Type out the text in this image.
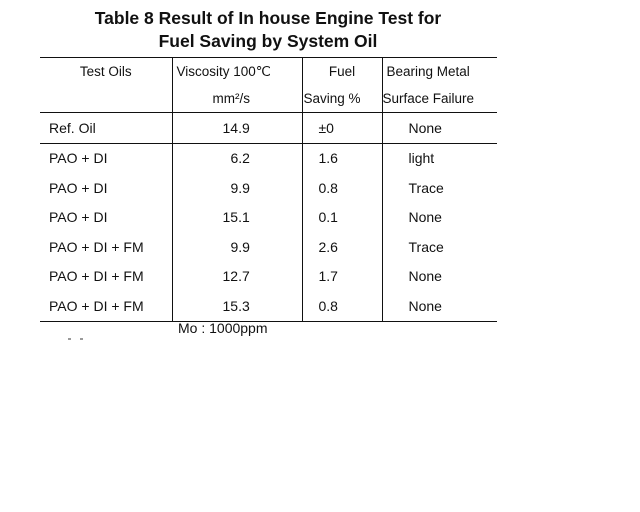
Table 8 Result of In house Engine Test for
Fuel Saving by System Oil
Test Oils	Viscosity 100℃	Fuel	Bearing Metal
	mm²/s	Saving %	Surface Failure
Ref. Oil	14.9	±0	None
PAO + DI	6.2	1.6	light
PAO + DI	9.9	0.8	Trace
PAO + DI	15.1	0.1	None
PAO + DI + FM	9.9	2.6	Trace
PAO + DI + FM	12.7	1.7	None
PAO + DI + FM	15.3	0.8	None
Mo : 1000ppm
